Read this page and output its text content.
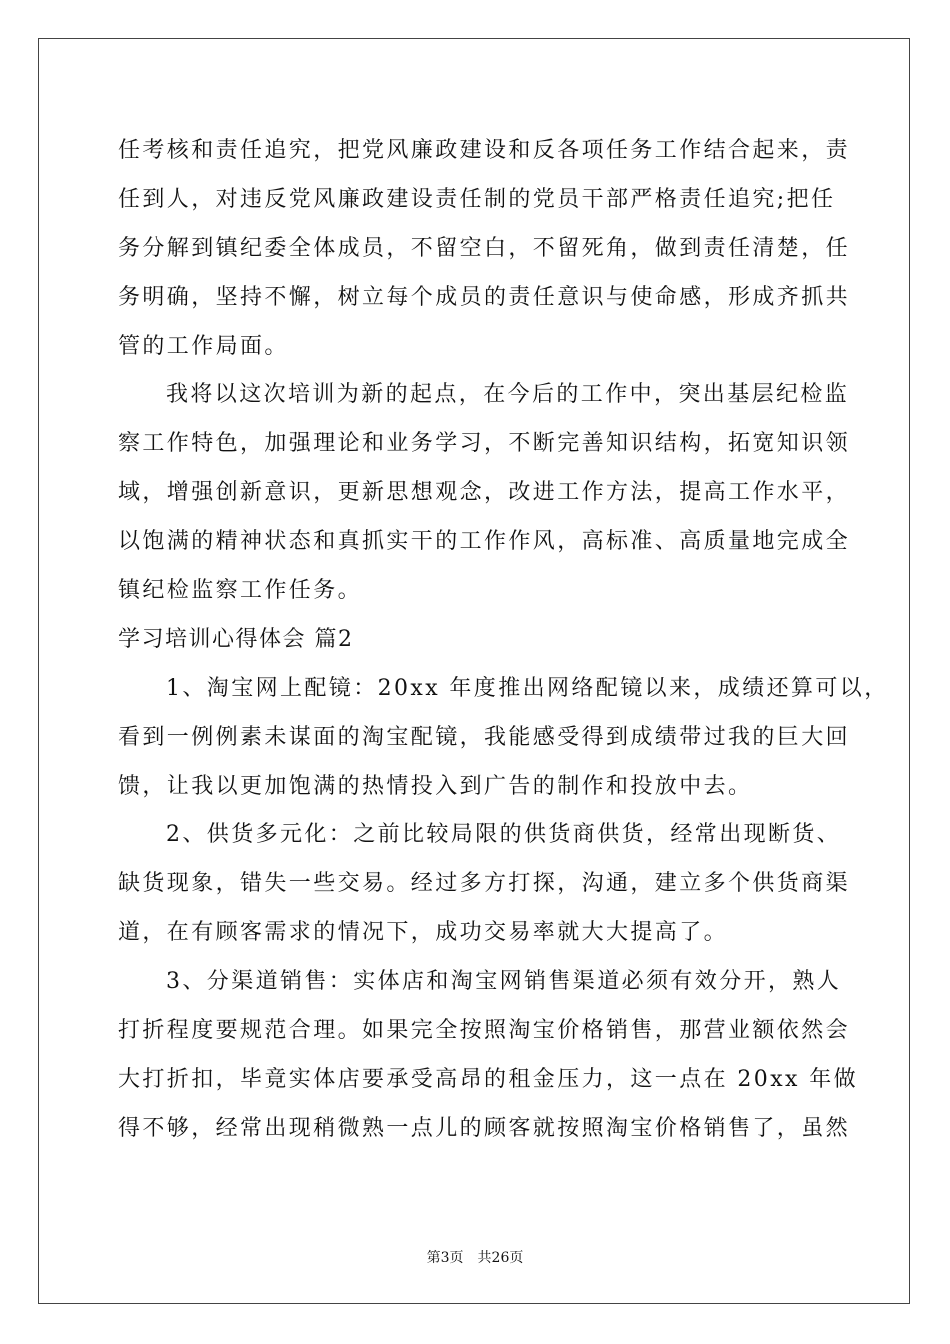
任考核和责任追究，把党风廉政建设和反各项任务工作结合起来，责
任到人，对违反党风廉政建设责任制的党员干部严格责任追究;把任
务分解到镇纪委全体成员，不留空白，不留死角，做到责任清楚，任
务明确，坚持不懈，树立每个成员的责任意识与使命感，形成齐抓共
管的工作局面。
我将以这次培训为新的起点，在今后的工作中，突出基层纪检监
察工作特色，加强理论和业务学习，不断完善知识结构，拓宽知识领
域，增强创新意识，更新思想观念，改进工作方法，提高工作水平，
以饱满的精神状态和真抓实干的工作作风，高标准、高质量地完成全
镇纪检监察工作任务。
学习培训心得体会 篇2
1、淘宝网上配镜：20xx 年度推出网络配镜以来，成绩还算可以，
看到一例例素未谋面的淘宝配镜，我能感受得到成绩带过我的巨大回
馈，让我以更加饱满的热情投入到广告的制作和投放中去。
2、供货多元化：之前比较局限的供货商供货，经常出现断货、
缺货现象，错失一些交易。经过多方打探，沟通，建立多个供货商渠
道，在有顾客需求的情况下，成功交易率就大大提高了。
3、分渠道销售：实体店和淘宝网销售渠道必须有效分开，熟人
打折程度要规范合理。如果完全按照淘宝价格销售，那营业额依然会
大打折扣，毕竟实体店要承受高昂的租金压力，这一点在 20xx 年做
得不够，经常出现稍微熟一点儿的顾客就按照淘宝价格销售了，虽然
第3页 共26页
